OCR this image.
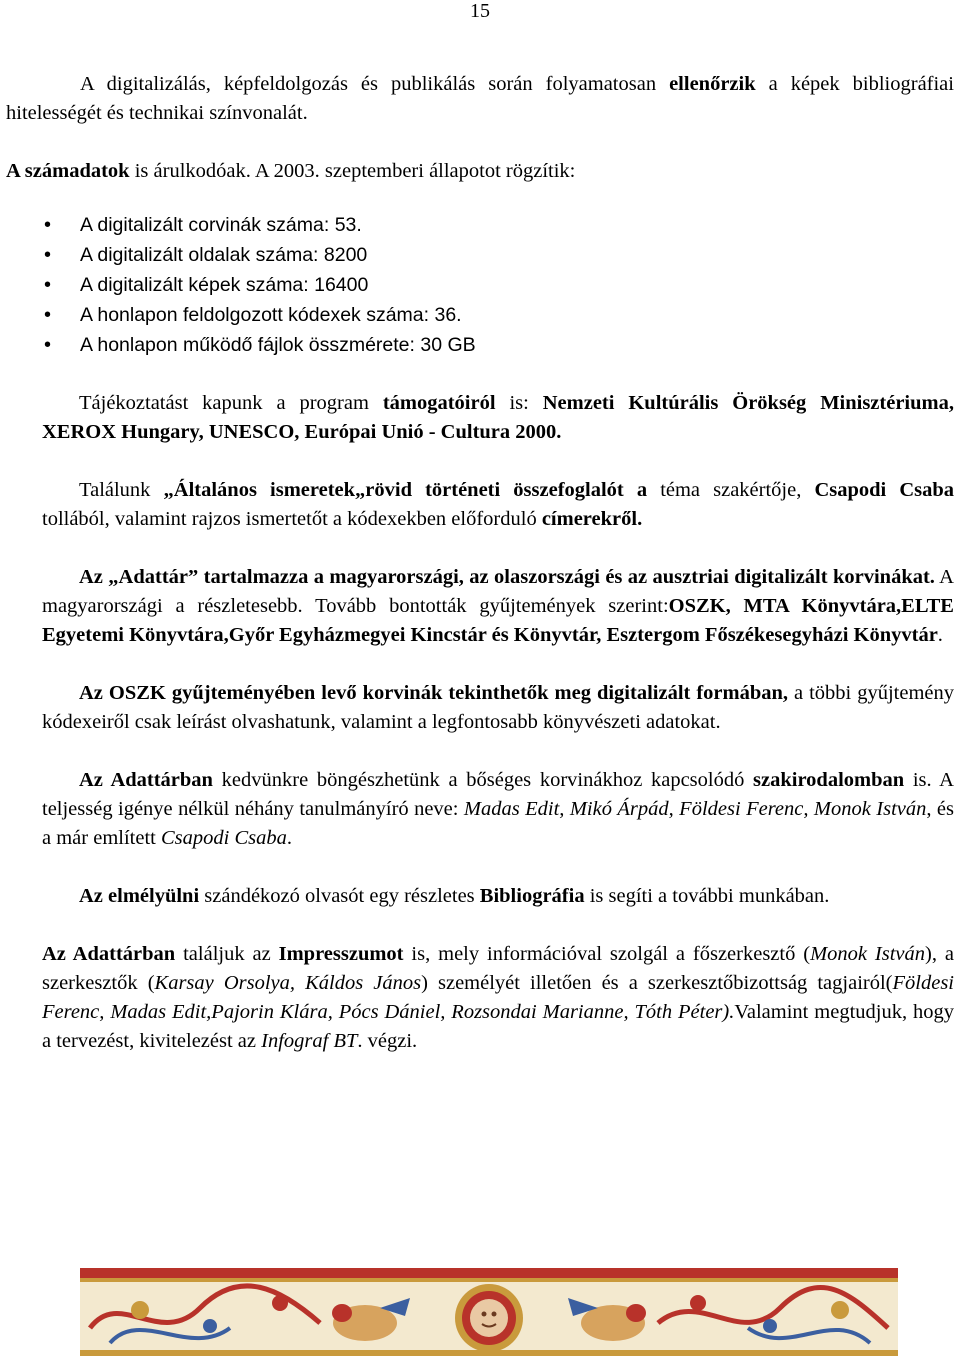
15

A digitalizálás, képfeldolgozás és publikálás során folyamatosan ellenőrzik a képek bibliográfiai hitelességét és technikai színvonalát.

A számadatok is árulkodóak. A 2003. szeptemberi állapotot rögzítik:

• A digitalizált corvinák száma: 53.
• A digitalizált oldalak száma: 8200
• A digitalizált képek száma: 16400
• A honlapon feldolgozott kódexek száma: 36.
• A honlapon működő fájlok összmérete: 30 GB

Tájékoztatást kapunk a program támogatóiról is: Nemzeti Kultúrális Örökség Minisztériuma, XEROX Hungary, UNESCO, Európai Unió - Cultura 2000.

Találunk „Általános ismeretek„rövid történeti összefoglalót a téma szakértője, Csapodi Csaba tollából, valamint rajzos ismertetőt a kódexekben előforduló címerekről.

Az „Adattár” tartalmazza a magyarországi, az olaszországi és az ausztriai digitalizált korvinákat. A magyarországi a részletesebb. Tovább bontották gyűjtemények szerint:OSZK, MTA Könyvtára,ELTE Egyetemi Könyvtára,Győr Egyházmegyei Kincstár és Könyvtár, Esztergom Főszékesegyházi Könyvtár.

Az OSZK gyűjteményében levő korvinák tekinthetők meg digitalizált formában, a többi gyűjtemény kódexeiről csak leírást olvashatunk, valamint a legfontosabb könyvészeti adatokat.

Az Adattárban kedvünkre böngészhetünk a bőséges korvinákhoz kapcsolódó szakirodalomban is. A teljesség igénye nélkül néhány tanulmányíró neve: Madas Edit, Mikó Árpád, Földesi Ferenc, Monok István, és a már említett Csapodi Csaba.

Az elmélyülni szándékozó olvasót egy részletes Bibliográfia is segíti a további munkában.

Az Adattárban találjuk az Impresszumot is, mely információval szolgál a főszerkesztő (Monok István), a szerkesztők (Karsay Orsolya, Káldos János) személyét illetően és a szerkesztőbizottság tagjairól(Földesi Ferenc, Madas Edit,Pajorin Klára, Pócs Dániel, Rozsondai Marianne, Tóth Péter).Valamint megtudjuk, hogy a tervezést, kivitelezést az Infograf BT. végzi.
